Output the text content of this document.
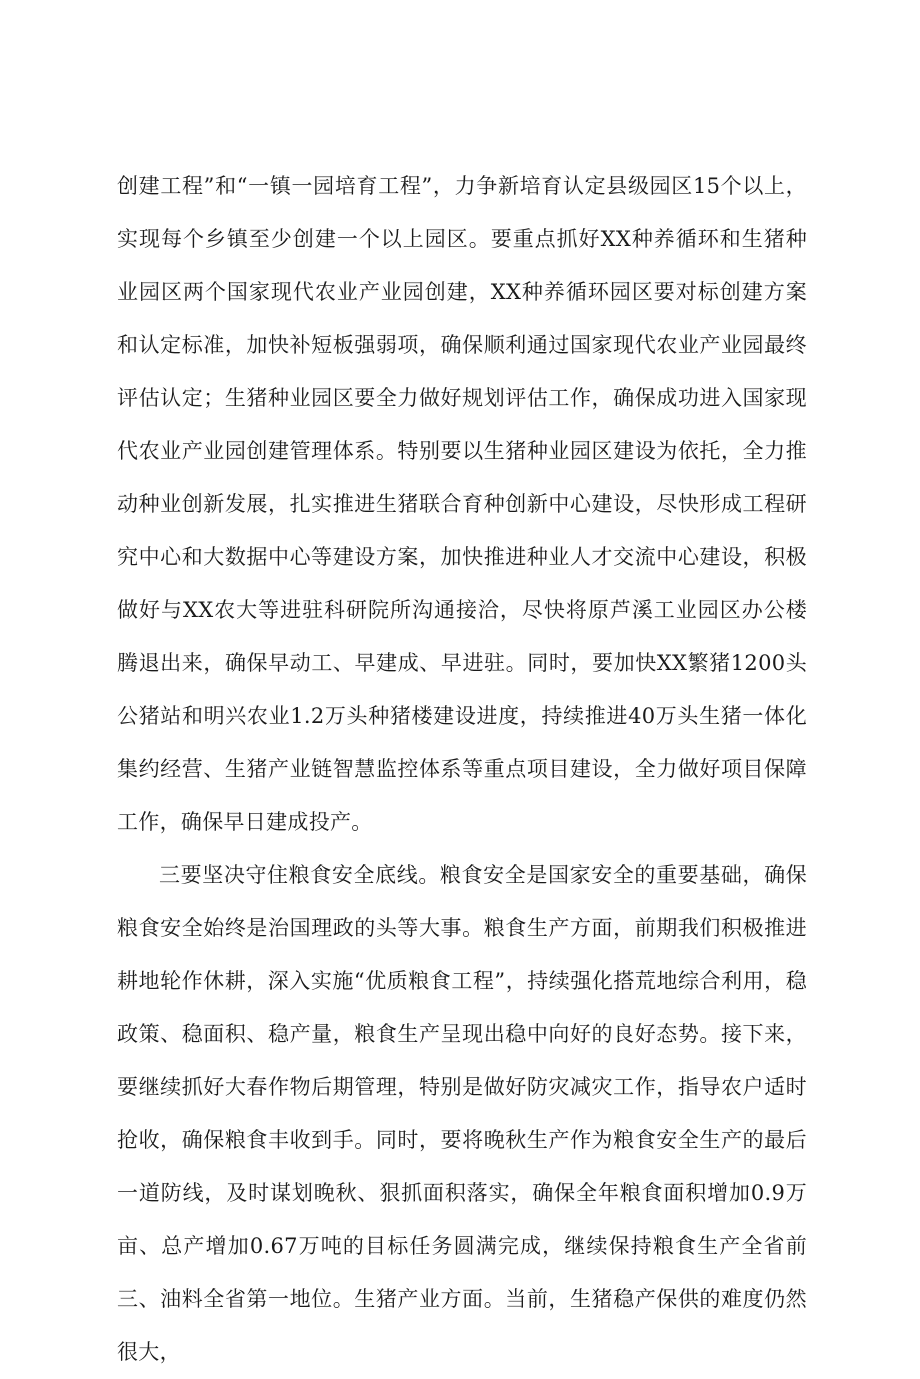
创建工程”和“一镇一园培育工程”，力争新培育认定县级园区15个以上，实现每个乡镇至少创建一个以上园区。要重点抓好XX种养循环和生猪种业园区两个国家现代农业产业园创建，XX种养循环园区要对标创建方案和认定标准，加快补短板强弱项，确保顺利通过国家现代农业产业园最终评估认定；生猪种业园区要全力做好规划评估工作，确保成功进入国家现代农业产业园创建管理体系。特别要以生猪种业园区建设为依托，全力推动种业创新发展，扎实推进生猪联合育种创新中心建设，尽快形成工程研究中心和大数据中心等建设方案，加快推进种业人才交流中心建设，积极做好与XX农大等进驻科研院所沟通接洽，尽快将原芦溪工业园区办公楼腾退出来，确保早动工、早建成、早进驻。同时，要加快XX繁猪1200头公猪站和明兴农业1.2万头种猪楼建设进度，持续推进40万头生猪一体化集约经营、生猪产业链智慧监控体系等重点项目建设，全力做好项目保障工作，确保早日建成投产。

三要坚决守住粮食安全底线。粮食安全是国家安全的重要基础，确保粮食安全始终是治国理政的头等大事。粮食生产方面，前期我们积极推进耕地轮作休耕，深入实施“优质粮食工程”，持续强化搭荒地综合利用，稳政策、稳面积、稳产量，粮食生产呈现出稳中向好的良好态势。接下来，要继续抓好大春作物后期管理，特别是做好防灾减灾工作，指导农户适时抢收，确保粮食丰收到手。同时，要将晚秋生产作为粮食安全生产的最后一道防线，及时谋划晚秋、狠抓面积落实，确保全年粮食面积增加0.9万亩、总产增加0.67万吨的目标任务圆满完成，继续保持粮食生产全省前三、油料全省第一地位。生猪产业方面。当前，生猪稳产保供的难度仍然很大，
